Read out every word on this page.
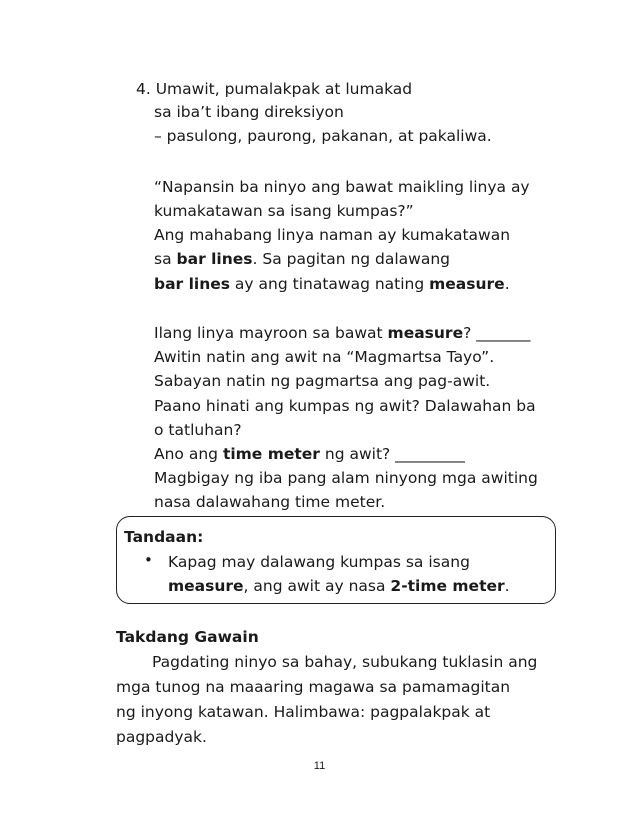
4. Umawit, pumalakpak at lumakad
sa iba’t ibang direksiyon
– pasulong, paurong, pakanan, at pakaliwa.
“Napansin ba ninyo ang bawat maikling linya ay
kumakatawan sa isang kumpas?”
Ang mahabang linya naman ay kumakatawan
sa bar lines. Sa pagitan ng dalawang
bar lines ay ang tinatawag nating measure.
Ilang linya mayroon sa bawat measure? _______
Awitin natin ang awit na “Magmartsa Tayo”.
Sabayan natin ng pagmartsa ang pag-awit.
Paano hinati ang kumpas ng awit? Dalawahan ba
o tatluhan?
Ano ang time meter ng awit? _________
Magbigay ng iba pang alam ninyong mga awiting
nasa dalawahang time meter.
Tandaan:
• Kapag may dalawang kumpas sa isang
measure, ang awit ay nasa 2-time meter.
Takdang Gawain
Pagdating ninyo sa bahay, subukang tuklasin ang
mga tunog na maaaring magawa sa pamamagitan
ng inyong katawan. Halimbawa: pagpalakpak at
pagpadyak.
11
